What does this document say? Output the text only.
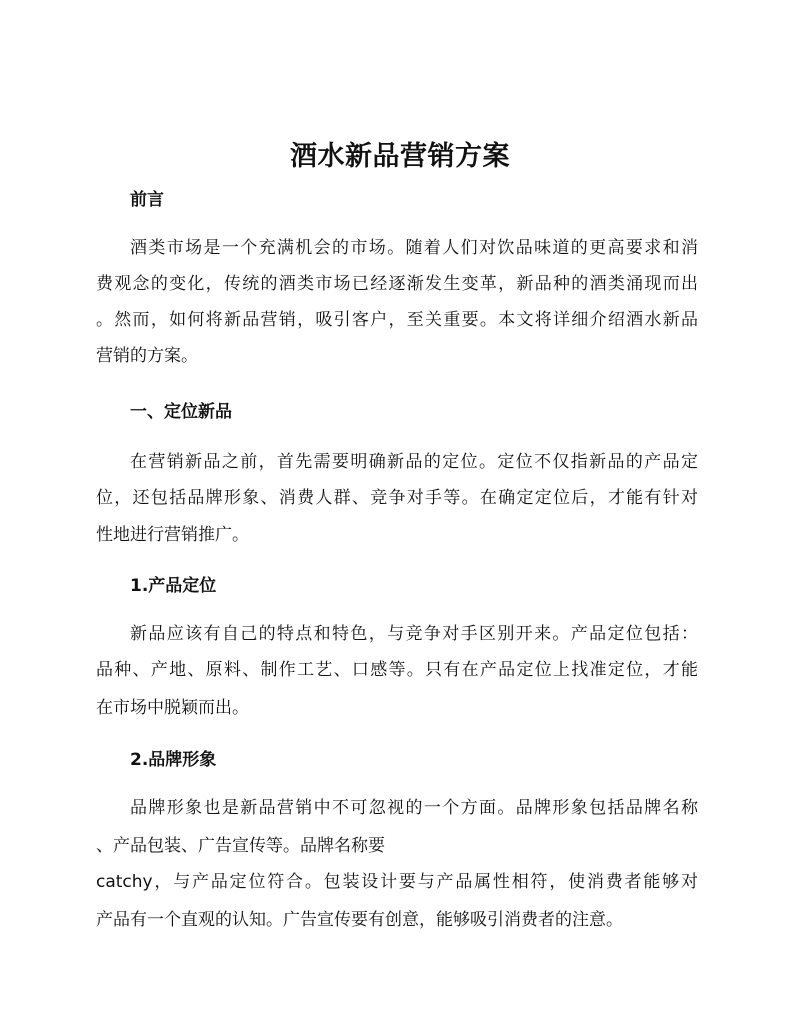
酒水新品营销方案

前言

酒类市场是一个充满机会的市场。随着人们对饮品味道的更高要求和消

费观念的变化，传统的酒类市场已经逐渐发生变革，新品种的酒类涌现而出

。然而，如何将新品营销，吸引客户，至关重要。本文将详细介绍酒水新品

营销的方案。

一、定位新品

在营销新品之前，首先需要明确新品的定位。定位不仅指新品的产品定

位，还包括品牌形象、消费人群、竞争对手等。在确定定位后，才能有针对

性地进行营销推广。

1.产品定位

新品应该有自己的特点和特色，与竞争对手区别开来。产品定位包括：

品种、产地、原料、制作工艺、口感等。只有在产品定位上找准定位，才能

在市场中脱颖而出。

2.品牌形象

品牌形象也是新品营销中不可忽视的一个方面。品牌形象包括品牌名称

、产品包装、广告宣传等。品牌名称要

catchy，与产品定位符合。包装设计要与产品属性相符，使消费者能够对

产品有一个直观的认知。广告宣传要有创意，能够吸引消费者的注意。
